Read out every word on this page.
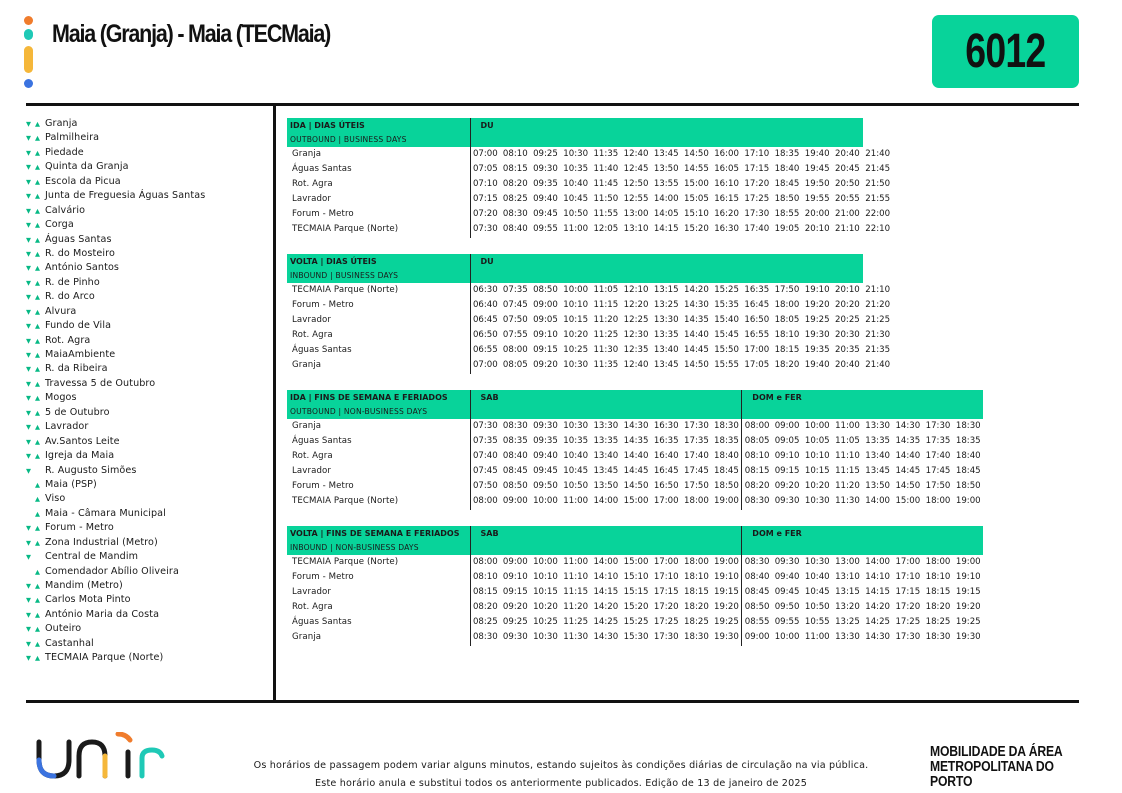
Maia (Granja) - Maia (TECMaia)	6012
▼ ▲ Granja
▼ ▲ Palmilheira
▼ ▲ Piedade
▼ ▲ Quinta da Granja
▼ ▲ Escola da Picua
▼ ▲ Junta de Freguesia Águas Santas
▼ ▲ Calvário
▼ ▲ Corga
▼ ▲ Águas Santas
▼ ▲ R. do Mosteiro
▼ ▲ António Santos
▼ ▲ R. de Pinho
▼ ▲ R. do Arco
▼ ▲ Alvura
▼ ▲ Fundo de Vila
▼ ▲ Rot. Agra
▼ ▲ MaiaAmbiente
▼ ▲ R. da Ribeira
▼ ▲ Travessa 5 de Outubro
▼ ▲ Mogos
▼ ▲ 5 de Outubro
▼ ▲ Lavrador
▼ ▲ Av.Santos Leite
▼ ▲ Igreja da Maia
▼ R. Augusto Simões
▲ Maia (PSP)
▲ Viso
▲ Maia - Câmara Municipal
▼ ▲ Forum - Metro
▼ ▲ Zona Industrial (Metro)
▼ Central de Mandim
▲ Comendador Abílio Oliveira
▼ ▲ Mandim (Metro)
▼ ▲ Carlos Mota Pinto
▼ ▲ António Maria da Costa
▼ ▲ Outeiro
▼ ▲ Castanhal
▼ ▲ TECMAIA Parque (Norte)
IDA | DIAS ÚTEIS	DU													
OUTBOUND | BUSINESS DAYS														
Granja	07:00	08:10	09:25	10:30	11:35	12:40	13:45	14:50	16:00	17:10	18:35	19:40	20:40	21:40
Águas Santas	07:05	08:15	09:30	10:35	11:40	12:45	13:50	14:55	16:05	17:15	18:40	19:45	20:45	21:45
Rot. Agra	07:10	08:20	09:35	10:40	11:45	12:50	13:55	15:00	16:10	17:20	18:45	19:50	20:50	21:50
Lavrador	07:15	08:25	09:40	10:45	11:50	12:55	14:00	15:05	16:15	17:25	18:50	19:55	20:55	21:55
Forum - Metro	07:20	08:30	09:45	10:50	11:55	13:00	14:05	15:10	16:20	17:30	18:55	20:00	21:00	22:00
TECMAIA Parque (Norte)	07:30	08:40	09:55	11:00	12:05	13:10	14:15	15:20	16:30	17:40	19:05	20:10	21:10	22:10
VOLTA | DIAS ÚTEIS	DU													
INBOUND | BUSINESS DAYS														
TECMAIA Parque (Norte)	06:30	07:35	08:50	10:00	11:05	12:10	13:15	14:20	15:25	16:35	17:50	19:10	20:10	21:10
Forum - Metro	06:40	07:45	09:00	10:10	11:15	12:20	13:25	14:30	15:35	16:45	18:00	19:20	20:20	21:20
Lavrador	06:45	07:50	09:05	10:15	11:20	12:25	13:30	14:35	15:40	16:50	18:05	19:25	20:25	21:25
Rot. Agra	06:50	07:55	09:10	10:20	11:25	12:30	13:35	14:40	15:45	16:55	18:10	19:30	20:30	21:30
Águas Santas	06:55	08:00	09:15	10:25	11:30	12:35	13:40	14:45	15:50	17:00	18:15	19:35	20:35	21:35
Granja	07:00	08:05	09:20	10:30	11:35	12:40	13:45	14:50	15:55	17:05	18:20	19:40	20:40	21:40
IDA | FINS DE SEMANA E FERIADOS	SAB									DOM e FER							
OUTBOUND | NON-BUSINESS DAYS																	
Granja	07:30	08:30	09:30	10:30	13:30	14:30	16:30	17:30	18:30	08:00	09:00	10:00	11:00	13:30	14:30	17:30	18:30
Águas Santas	07:35	08:35	09:35	10:35	13:35	14:35	16:35	17:35	18:35	08:05	09:05	10:05	11:05	13:35	14:35	17:35	18:35
Rot. Agra	07:40	08:40	09:40	10:40	13:40	14:40	16:40	17:40	18:40	08:10	09:10	10:10	11:10	13:40	14:40	17:40	18:40
Lavrador	07:45	08:45	09:45	10:45	13:45	14:45	16:45	17:45	18:45	08:15	09:15	10:15	11:15	13:45	14:45	17:45	18:45
Forum - Metro	07:50	08:50	09:50	10:50	13:50	14:50	16:50	17:50	18:50	08:20	09:20	10:20	11:20	13:50	14:50	17:50	18:50
TECMAIA Parque (Norte)	08:00	09:00	10:00	11:00	14:00	15:00	17:00	18:00	19:00	08:30	09:30	10:30	11:30	14:00	15:00	18:00	19:00
VOLTA | FINS DE SEMANA E FERIADOS	SAB									DOM e FER							
INBOUND | NON-BUSINESS DAYS																	
TECMAIA Parque (Norte)	08:00	09:00	10:00	11:00	14:00	15:00	17:00	18:00	19:00	08:30	09:30	10:30	13:00	14:00	17:00	18:00	19:00
Forum - Metro	08:10	09:10	10:10	11:10	14:10	15:10	17:10	18:10	19:10	08:40	09:40	10:40	13:10	14:10	17:10	18:10	19:10
Lavrador	08:15	09:15	10:15	11:15	14:15	15:15	17:15	18:15	19:15	08:45	09:45	10:45	13:15	14:15	17:15	18:15	19:15
Rot. Agra	08:20	09:20	10:20	11:20	14:20	15:20	17:20	18:20	19:20	08:50	09:50	10:50	13:20	14:20	17:20	18:20	19:20
Águas Santas	08:25	09:25	10:25	11:25	14:25	15:25	17:25	18:25	19:25	08:55	09:55	10:55	13:25	14:25	17:25	18:25	19:25
Granja	08:30	09:30	10:30	11:30	14:30	15:30	17:30	18:30	19:30	09:00	10:00	11:00	13:30	14:30	17:30	18:30	19:30
Os horários de passagem podem variar alguns minutos, estando sujeitos às condições diárias de circulação na via pública.
Este horário anula e substitui todos os anteriormente publicados. Edição de 13 de janeiro de 2025
MOBILIDADE DA ÁREA
METROPOLITANA DO PORTO
